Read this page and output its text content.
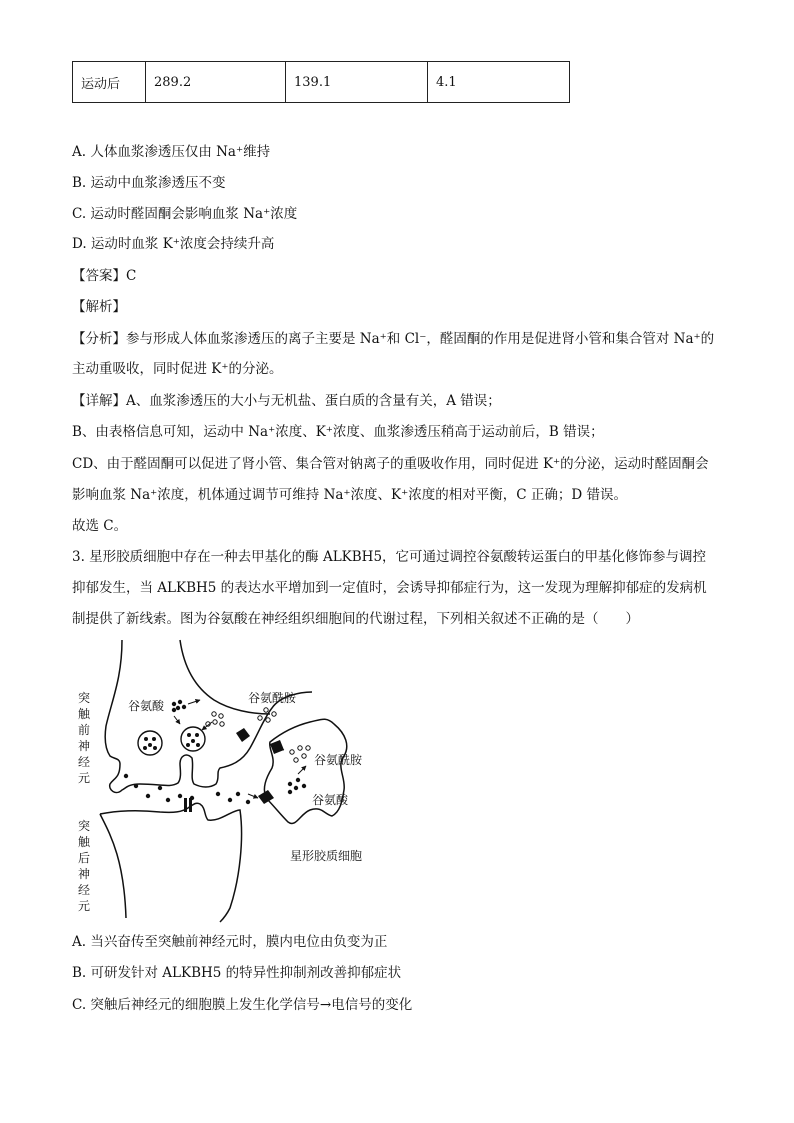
运动后	289.2	139.1	4.1
A. 人体血浆渗透压仅由 Na⁺维持
B. 运动中血浆渗透压不变
C. 运动时醛固酮会影响血浆 Na⁺浓度
D. 运动时血浆 K⁺浓度会持续升高
【答案】C
【解析】
【分析】参与形成人体血浆渗透压的离子主要是 Na⁺和 Cl⁻，醛固酮的作用是促进肾小管和集合管对 Na⁺的
主动重吸收，同时促进 K⁺的分泌。
【详解】A、血浆渗透压的大小与无机盐、蛋白质的含量有关，A 错误；
B、由表格信息可知，运动中 Na⁺浓度、K⁺浓度、血浆渗透压稍高于运动前后，B 错误；
CD、由于醛固酮可以促进了肾小管、集合管对钠离子的重吸收作用，同时促进 K⁺的分泌，运动时醛固酮会
影响血浆 Na⁺浓度，机体通过调节可维持 Na⁺浓度、K⁺浓度的相对平衡，C 正确；D 错误。
故选 C。
3. 星形胶质细胞中存在一种去甲基化的酶 ALKBH5，它可通过调控谷氨酸转运蛋白的甲基化修饰参与调控
抑郁发生，当 ALKBH5 的表达水平增加到一定值时，会诱导抑郁症行为，这一发现为理解抑郁症的发病机
制提供了新线索。图为谷氨酸在神经组织细胞间的代谢过程，下列相关叙述不正确的是（　　）
突
触
前
神
经
元
突
触
后
神
经
元
谷氨酸
谷氨酰胺
谷氨酰胺
谷氨酸
星形胶质细胞
A. 当兴奋传至突触前神经元时，膜内电位由负变为正
B. 可研发针对 ALKBH5 的特异性抑制剂改善抑郁症状
C. 突触后神经元的细胞膜上发生化学信号→电信号的变化
